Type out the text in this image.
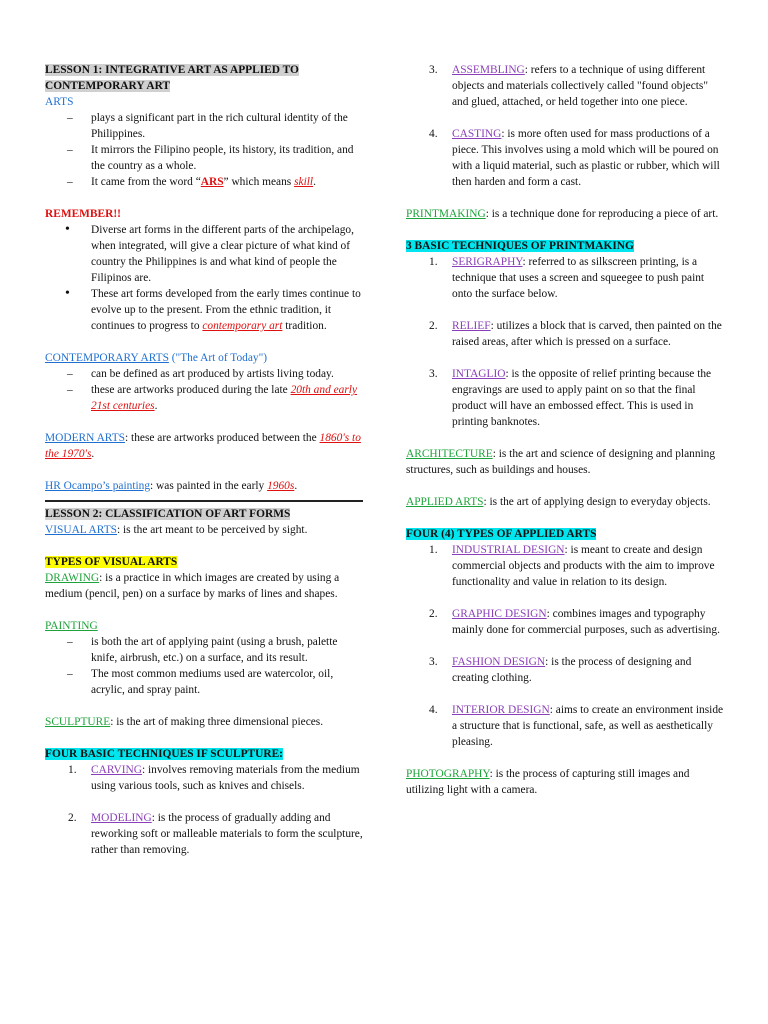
LESSON 1: INTEGRATIVE ART AS APPLIED TO CONTEMPORARY ART

ARTS

– plays a significant part in the rich cultural identity of the Philippines.
– It mirrors the Filipino people, its history, its tradition, and the country as a whole.
– It came from the word “ARS” which means skill.

REMEMBER!!

• Diverse art forms in the different parts of the archipelago, when integrated, will give a clear picture of what kind of country the Philippines is and what kind of people the Filipinos are.
• These art forms developed from the early times continue to evolve up to the present. From the ethnic tradition, it continues to progress to contemporary art tradition.

CONTEMPORARY ARTS ("The Art of Today")

– can be defined as art produced by artists living today.
– these are artworks produced during the late 20th and early 21st centuries.

MODERN ARTS: these are artworks produced between the 1860's to the 1970's.

HR Ocampo’s painting: was painted in the early 1960s.

LESSON 2: CLASSIFICATION OF ART FORMS

VISUAL ARTS: is the art meant to be perceived by sight.

TYPES OF VISUAL ARTS

DRAWING: is a practice in which images are created by using a medium (pencil, pen) on a surface by marks of lines and shapes.

PAINTING

– is both the art of applying paint (using a brush, palette knife, airbrush, etc.) on a surface, and its result.
– The most common mediums used are watercolor, oil, acrylic, and spray paint.

SCULPTURE: is the art of making three dimensional pieces.

FOUR BASIC TECHNIQUES IF SCULPTURE:

1. CARVING: involves removing materials from the medium using various tools, such as knives and chisels.
2. MODELING: is the process of gradually adding and reworking soft or malleable materials to form the sculpture, rather than removing.
3. ASSEMBLING: refers to a technique of using different objects and materials collectively called "found objects" and glued, attached, or held together into one piece.
4. CASTING: is more often used for mass productions of a piece. This involves using a mold which will be poured on with a liquid material, such as plastic or rubber, which will then harden and form a cast.

PRINTMAKING: is a technique done for reproducing a piece of art.

3 BASIC TECHNIQUES OF PRINTMAKING

1. SERIGRAPHY: referred to as silkscreen printing, is a technique that uses a screen and squeegee to push paint onto the surface below.
2. RELIEF: utilizes a block that is carved, then painted on the raised areas, after which is pressed on a surface.
3. INTAGLIO: is the opposite of relief printing because the engravings are used to apply paint on so that the final product will have an embossed effect. This is used in printing banknotes.

ARCHITECTURE: is the art and science of designing and planning structures, such as buildings and houses.

APPLIED ARTS: is the art of applying design to everyday objects.

FOUR (4) TYPES OF APPLIED ARTS

1. INDUSTRIAL DESIGN: is meant to create and design commercial objects and products with the aim to improve functionality and value in relation to its design.
2. GRAPHIC DESIGN: combines images and typography mainly done for commercial purposes, such as advertising.
3. FASHION DESIGN: is the process of designing and creating clothing.
4. INTERIOR DESIGN: aims to create an environment inside a structure that is functional, safe, as well as aesthetically pleasing.

PHOTOGRAPHY: is the process of capturing still images and utilizing light with a camera.
